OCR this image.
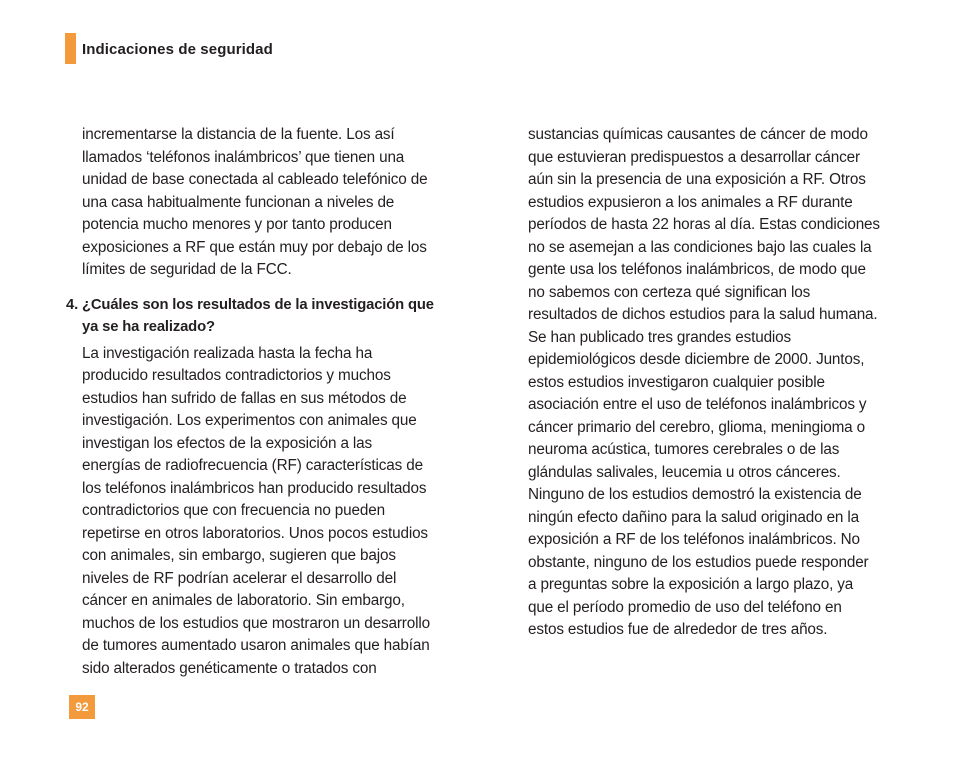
Indicaciones de seguridad

incrementarse la distancia de la fuente. Los así
llamados ‘teléfonos inalámbricos’ que tienen una
unidad de base conectada al cableado telefónico de
una casa habitualmente funcionan a niveles de
potencia mucho menores y por tanto producen
exposiciones a RF que están muy por debajo de los
límites de seguridad de la FCC.

4. ¿Cuáles son los resultados de la investigación que
ya se ha realizado?

La investigación realizada hasta la fecha ha
producido resultados contradictorios y muchos
estudios han sufrido de fallas en sus métodos de
investigación. Los experimentos con animales que
investigan los efectos de la exposición a las
energías de radiofrecuencia (RF) características de
los teléfonos inalámbricos han producido resultados
contradictorios que con frecuencia no pueden
repetirse en otros laboratorios. Unos pocos estudios
con animales, sin embargo, sugieren que bajos
niveles de RF podrían acelerar el desarrollo del
cáncer en animales de laboratorio. Sin embargo,
muchos de los estudios que mostraron un desarrollo
de tumores aumentado usaron animales que habían
sido alterados genéticamente o tratados con

sustancias químicas causantes de cáncer de modo
que estuvieran predispuestos a desarrollar cáncer
aún sin la presencia de una exposición a RF. Otros
estudios expusieron a los animales a RF durante
períodos de hasta 22 horas al día. Estas condiciones
no se asemejan a las condiciones bajo las cuales la
gente usa los teléfonos inalámbricos, de modo que
no sabemos con certeza qué significan los
resultados de dichos estudios para la salud humana.
Se han publicado tres grandes estudios
epidemiológicos desde diciembre de 2000. Juntos,
estos estudios investigaron cualquier posible
asociación entre el uso de teléfonos inalámbricos y
cáncer primario del cerebro, glioma, meningioma o
neuroma acústica, tumores cerebrales o de las
glándulas salivales, leucemia u otros cánceres.
Ninguno de los estudios demostró la existencia de
ningún efecto dañino para la salud originado en la
exposición a RF de los teléfonos inalámbricos. No
obstante, ninguno de los estudios puede responder
a preguntas sobre la exposición a largo plazo, ya
que el período promedio de uso del teléfono en
estos estudios fue de alrededor de tres años.

92
